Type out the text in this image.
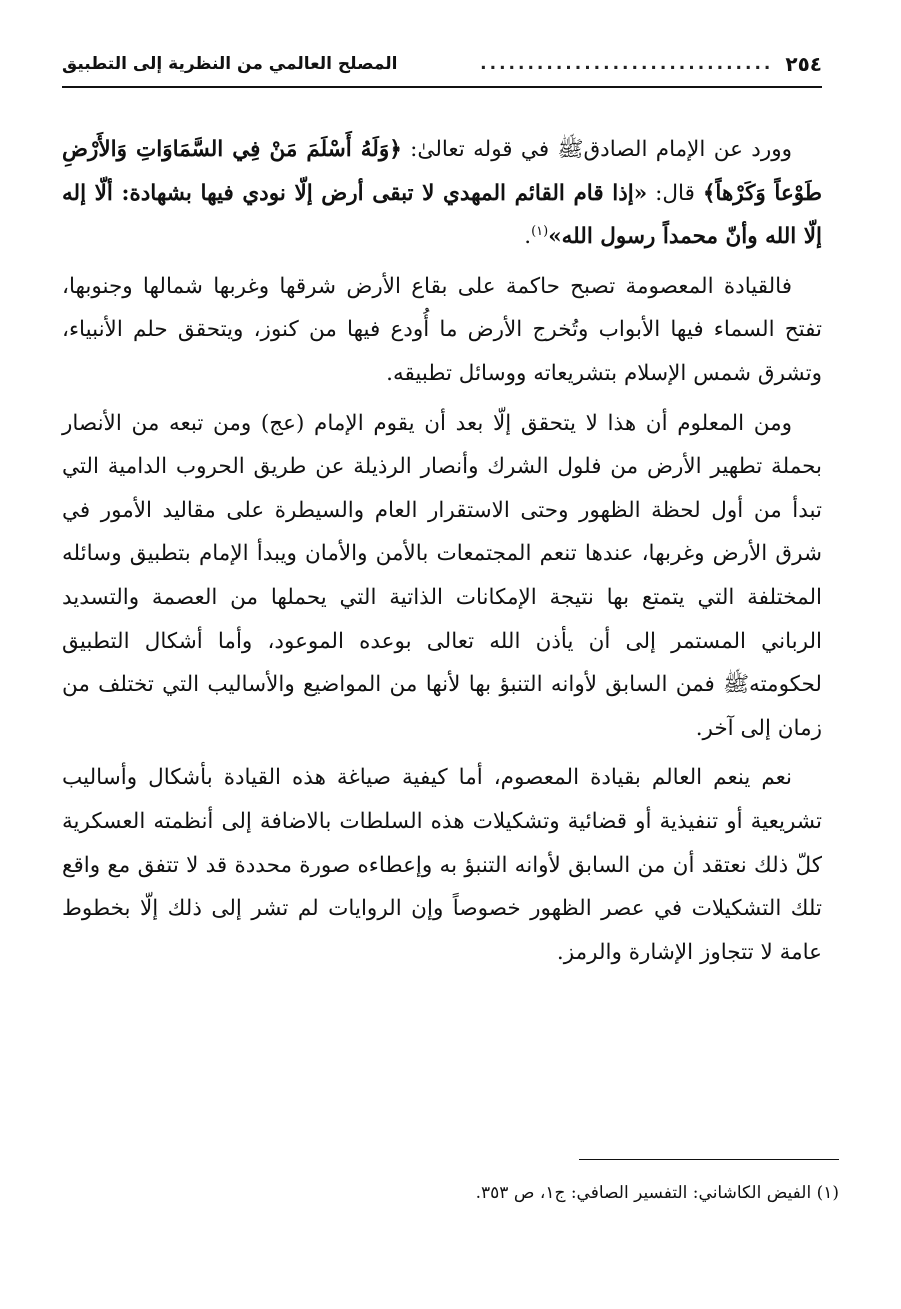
٢٥٤
...............................
المصلح العالمي من النظرية إلى التطبيق

وورد عن الإمام الصادقﷺ في قوله تعالىٰ: ﴿وَلَهُ أَسْلَمَ مَنْ فِي السَّمَاوَاتِ وَالأَرْضِ طَوْعاً وَكَرْهاً﴾ قال: «إذا قام القائم المهدي لا تبقى أرض إلّا نودي فيها بشهادة: ألّا إله إلّا الله وأنّ محمداً رسول الله»$^{(١)}$.

فالقيادة المعصومة تصبح حاكمة على بقاع الأرض شرقها وغربها شمالها وجنوبها، تفتح السماء فيها الأبواب وتُخرج الأرض ما أُودع فيها من كنوز، ويتحقق حلم الأنبياء، وتشرق شمس الإسلام بتشريعاته ووسائل تطبيقه.

ومن المعلوم أن هذا لا يتحقق إلّا بعد أن يقوم الإمام (عج) ومن تبعه من الأنصار بحملة تطهير الأرض من فلول الشرك وأنصار الرذيلة عن طريق الحروب الدامية التي تبدأ من أول لحظة الظهور وحتى الاستقرار العام والسيطرة على مقاليد الأمور في شرق الأرض وغربها، عندها تنعم المجتمعات بالأمن والأمان ويبدأ الإمام بتطبيق وسائله المختلفة التي يتمتع بها نتيجة الإمكانات الذاتية التي يحملها من العصمة والتسديد الرباني المستمر إلى أن يأذن الله تعالى بوعده الموعود، وأما أشكال التطبيق لحكومتهﷺ فمن السابق لأوانه التنبؤ بها لأنها من المواضيع والأساليب التي تختلف من زمان إلى آخر.

نعم ينعم العالم بقيادة المعصوم، أما كيفية صياغة هذه القيادة بأشكال وأساليب تشريعية أو تنفيذية أو قضائية وتشكيلات هذه السلطات بالاضافة إلى أنظمته العسكرية كلّ ذلك نعتقد أن من السابق لأوانه التنبؤ به وإعطاءه صورة محددة قد لا تتفق مع واقع تلك التشكيلات في عصر الظهور خصوصاً وإن الروايات لم تشر إلى ذلك إلّا بخطوط عامة لا تتجاوز الإشارة والرمز.

(١) الفيض الكاشاني: التفسير الصافي: ج١، ص ٣٥٣.
